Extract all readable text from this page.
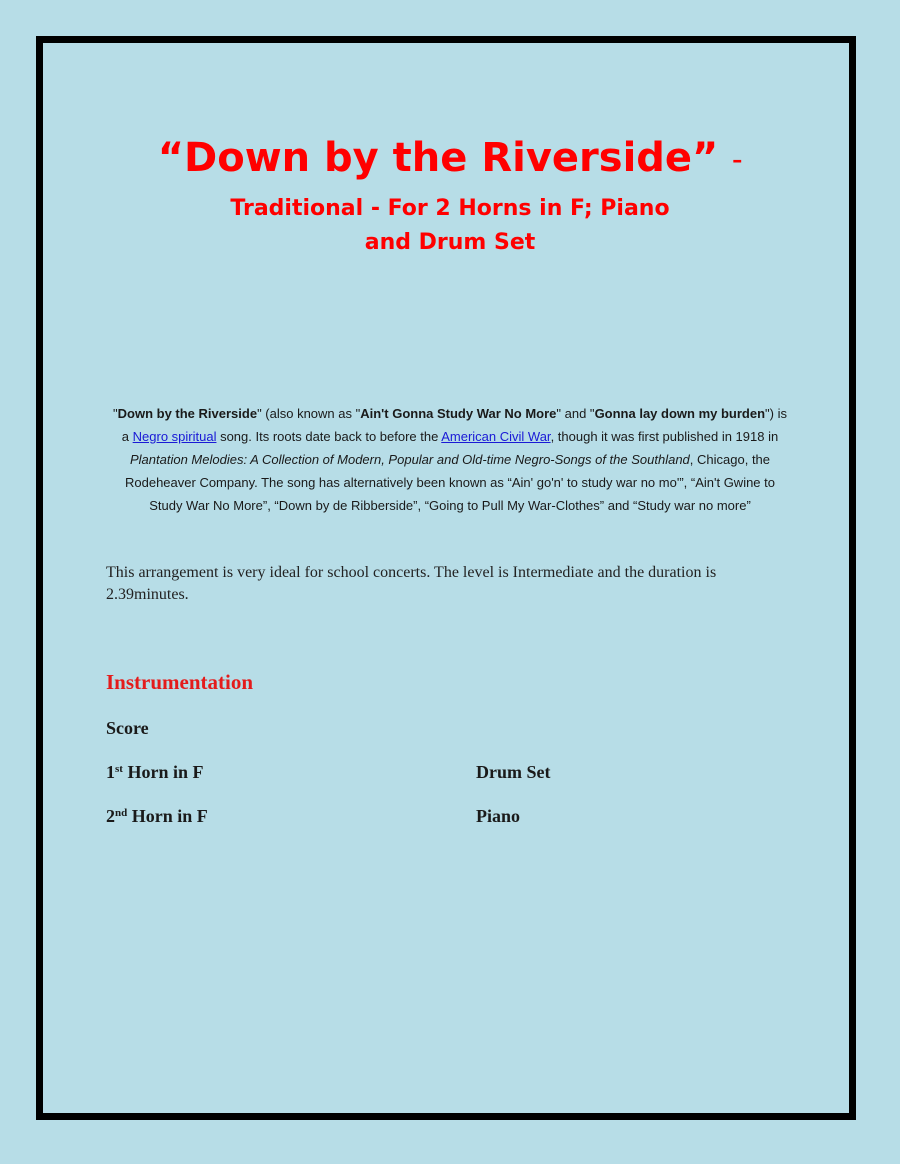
“Down by the Riverside” –
Traditional - For 2 Horns in F; Piano
and Drum Set
"Down by the Riverside" (also known as "Ain't Gonna Study War No More" and "Gonna lay down my burden") is a Negro spiritual song. Its roots date back to before the American Civil War, though it was first published in 1918 in Plantation Melodies: A Collection of Modern, Popular and Old-time Negro-Songs of the Southland, Chicago, the Rodeheaver Company. The song has alternatively been known as “Ain' go'n' to study war no mo'”, “Ain't Gwine to Study War No More”, “Down by de Ribberside”, “Going to Pull My War-Clothes” and “Study war no more”
This arrangement is very ideal for school concerts. The level is Intermediate and the duration is 2.39minutes.
Instrumentation
Score
1st Horn in F
2nd Horn in F
Drum Set
Piano
